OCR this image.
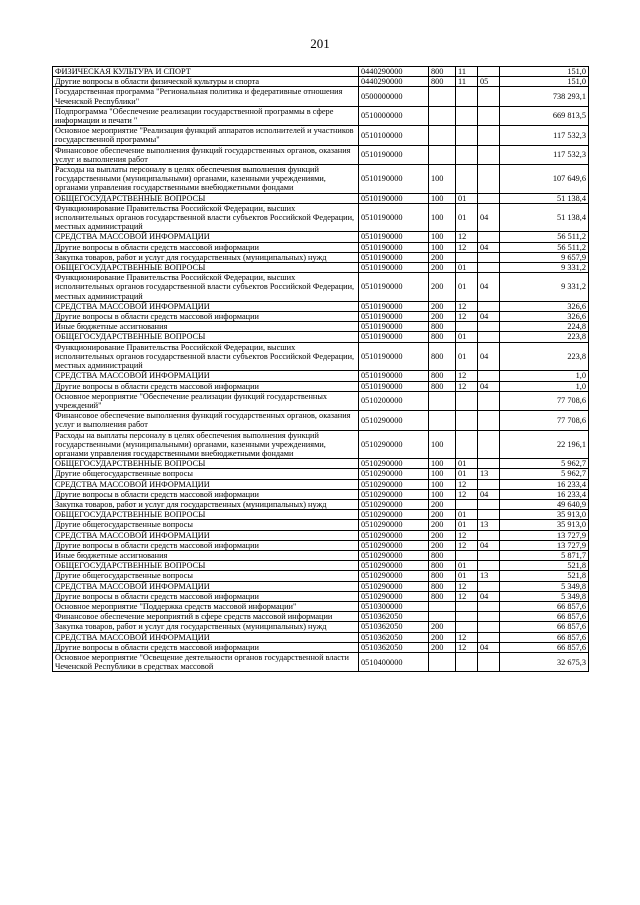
201
ФИЗИЧЕСКАЯ КУЛЬТУРА И СПОРТ	0440290000	800	11		151,0
Другие вопросы в области физической культуры и спорта	0440290000	800	11	05	151,0
Государственная программа "Региональная политика и федеративные отношения Чеченской Республики"	0500000000				738 293,1
Подпрограмма "Обеспечение реализации государственной программы в сфере информации и печати "	0510000000				669 813,5
Основное мероприятие "Реализация функций аппаратов исполнителей и участников государственной программы"	0510100000				117 532,3
Финансовое обеспечение выполнения функций государственных органов, оказания услуг и выполнения работ	0510190000				117 532,3
Расходы на выплаты персоналу в целях обеспечения выполнения функций государственными (муниципальными) органами, казенными учреждениями, органами управления государственными внебюджетными фондами	0510190000	100			107 649,6
ОБЩЕГОСУДАРСТВЕННЫЕ ВОПРОСЫ	0510190000	100	01		51 138,4
Функционирование Правительства Российской Федерации, высших исполнительных органов государственной власти субъектов Российской Федерации, местных администраций	0510190000	100	01	04	51 138,4
СРЕДСТВА МАССОВОЙ ИНФОРМАЦИИ	0510190000	100	12		56 511,2
Другие вопросы в области средств массовой информации	0510190000	100	12	04	56 511,2
Закупка товаров, работ и услуг для государственных (муниципальных) нужд	0510190000	200			9 657,9
ОБЩЕГОСУДАРСТВЕННЫЕ ВОПРОСЫ	0510190000	200	01		9 331,2
Функционирование Правительства Российской Федерации, высших исполнительных органов государственной власти субъектов Российской Федерации, местных администраций	0510190000	200	01	04	9 331,2
СРЕДСТВА МАССОВОЙ ИНФОРМАЦИИ	0510190000	200	12		326,6
Другие вопросы в области средств массовой информации	0510190000	200	12	04	326,6
Иные бюджетные ассигнования	0510190000	800			224,8
ОБЩЕГОСУДАРСТВЕННЫЕ ВОПРОСЫ	0510190000	800	01		223,8
Функционирование Правительства Российской Федерации, высших исполнительных органов государственной власти субъектов Российской Федерации, местных администраций	0510190000	800	01	04	223,8
СРЕДСТВА МАССОВОЙ ИНФОРМАЦИИ	0510190000	800	12		1,0
Другие вопросы в области средств массовой информации	0510190000	800	12	04	1,0
Основное мероприятие "Обеспечение реализации функций государственных учреждений"	0510200000				77 708,6
Финансовое обеспечение выполнения функций государственных органов, оказания услуг и выполнения работ	0510290000				77 708,6
Расходы на выплаты персоналу в целях обеспечения выполнения функций государственными (муниципальными) органами, казенными учреждениями, органами управления государственными внебюджетными фондами	0510290000	100			22 196,1
ОБЩЕГОСУДАРСТВЕННЫЕ ВОПРОСЫ	0510290000	100	01		5 962,7
Другие общегосударственные вопросы	0510290000	100	01	13	5 962,7
СРЕДСТВА МАССОВОЙ ИНФОРМАЦИИ	0510290000	100	12		16 233,4
Другие вопросы в области средств массовой информации	0510290000	100	12	04	16 233,4
Закупка товаров, работ и услуг для государственных (муниципальных) нужд	0510290000	200			49 640,9
ОБЩЕГОСУДАРСТВЕННЫЕ ВОПРОСЫ	0510290000	200	01		35 913,0
Другие общегосударственные вопросы	0510290000	200	01	13	35 913,0
СРЕДСТВА МАССОВОЙ ИНФОРМАЦИИ	0510290000	200	12		13 727,9
Другие вопросы в области средств массовой информации	0510290000	200	12	04	13 727,9
Иные бюджетные ассигнования	0510290000	800			5 871,7
ОБЩЕГОСУДАРСТВЕННЫЕ ВОПРОСЫ	0510290000	800	01		521,8
Другие общегосударственные вопросы	0510290000	800	01	13	521,8
СРЕДСТВА МАССОВОЙ ИНФОРМАЦИИ	0510290000	800	12		5 349,8
Другие вопросы в области средств массовой информации	0510290000	800	12	04	5 349,8
Основное мероприятие "Поддержка средств массовой информации"	0510300000				66 857,6
Финансовое обеспечение мероприятий в сфере средств массовой информации	0510362050				66 857,6
Закупка товаров, работ и услуг для государственных (муниципальных) нужд	0510362050	200			66 857,6
СРЕДСТВА МАССОВОЙ ИНФОРМАЦИИ	0510362050	200	12		66 857,6
Другие вопросы в области средств массовой информации	0510362050	200	12	04	66 857,6
Основное мероприятие "Освещение деятельности органов государственной власти Чеченской Республики в средствах массовой	0510400000				32 675,3
